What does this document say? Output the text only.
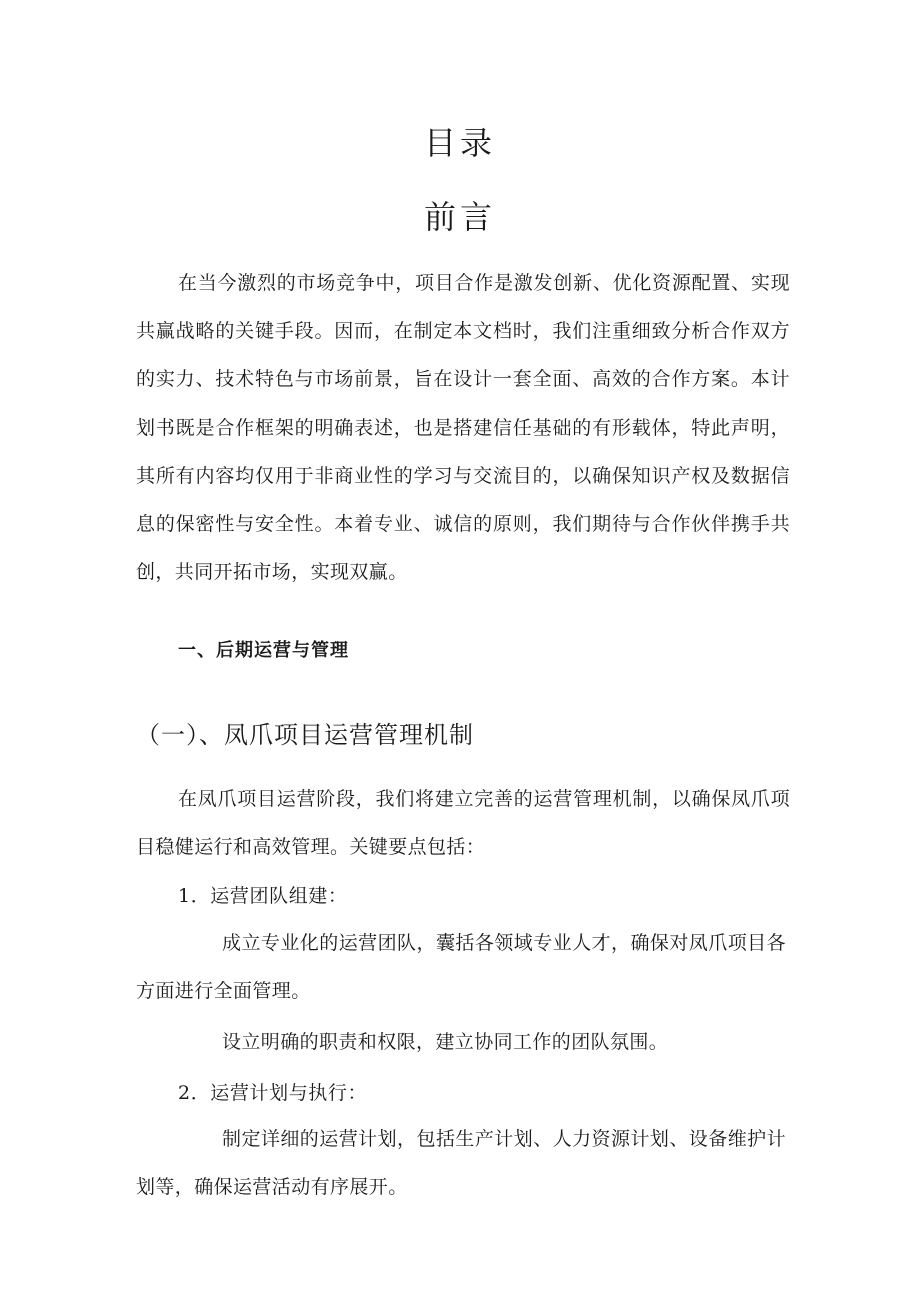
目录
前言

在当今激烈的市场竞争中，项目合作是激发创新、优化资源配置、实现共赢战略的关键手段。因而，在制定本文档时，我们注重细致分析合作双方的实力、技术特色与市场前景，旨在设计一套全面、高效的合作方案。本计划书既是合作框架的明确表述，也是搭建信任基础的有形载体，特此声明，其所有内容均仅用于非商业性的学习与交流目的，以确保知识产权及数据信息的保密性与安全性。本着专业、诚信的原则，我们期待与合作伙伴携手共创，共同开拓市场，实现双赢。

一、后期运营与管理
（一）、凤爪项目运营管理机制

在凤爪项目运营阶段，我们将建立完善的运营管理机制，以确保凤爪项目稳健运行和高效管理。关键要点包括：

1．运营团队组建：

成立专业化的运营团队，囊括各领域专业人才，确保对凤爪项目各方面进行全面管理。

设立明确的职责和权限，建立协同工作的团队氛围。

2．运营计划与执行：

制定详细的运营计划，包括生产计划、人力资源计划、设备维护计划等，确保运营活动有序展开。
